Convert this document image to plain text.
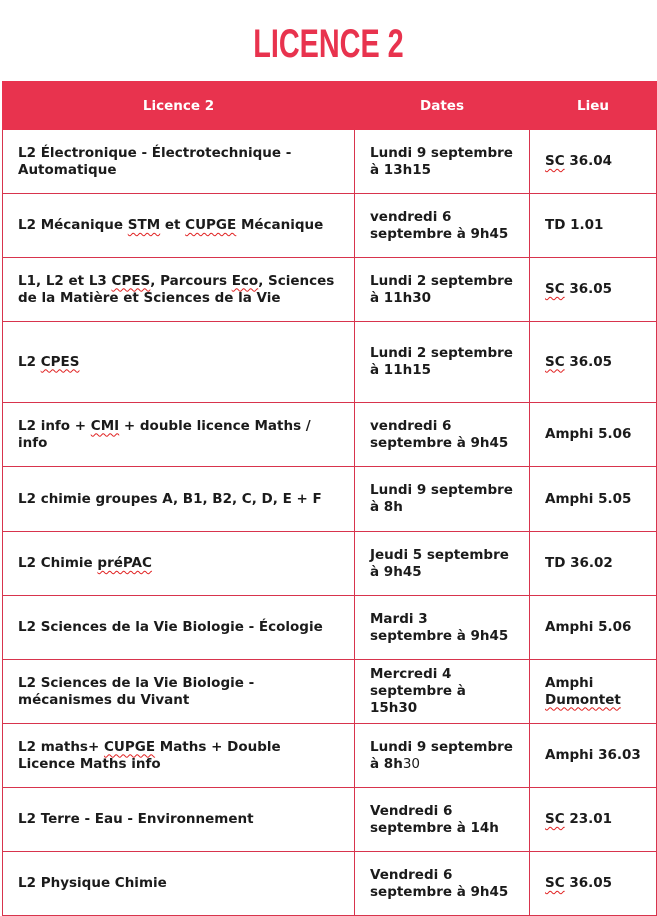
LICENCE 2
Licence 2	Dates	Lieu
L2 Électronique - Électrotechnique - Automatique	Lundi 9 septembre à 13h15	SC 36.04
L2 Mécanique STM et CUPGE Mécanique	vendredi 6 septembre à 9h45	TD 1.01
L1, L2 et L3 CPES, Parcours Eco, Sciences de la Matière et Sciences de la Vie	Lundi 2 septembre à 11h30	SC 36.05
L2 CPES	Lundi 2 septembre à 11h15	SC 36.05
L2 info + CMI + double licence Maths / info	vendredi 6 septembre à 9h45	Amphi 5.06
L2 chimie groupes A, B1, B2, C, D, E + F	Lundi 9 septembre à 8h	Amphi 5.05
L2 Chimie préPAC	Jeudi 5 septembre à 9h45	TD 36.02
L2 Sciences de la Vie Biologie - Écologie	Mardi 3 septembre à 9h45	Amphi 5.06
L2 Sciences de la Vie Biologie - mécanismes du Vivant	Mercredi 4 septembre à 15h30	Amphi Dumontet
L2 maths+ CUPGE Maths + Double Licence Maths info	Lundi 9 septembre à 8h30	Amphi 36.03
L2 Terre - Eau - Environnement	Vendredi 6 septembre à 14h	SC 23.01
L2 Physique Chimie	Vendredi 6 septembre à 9h45	SC 36.05
